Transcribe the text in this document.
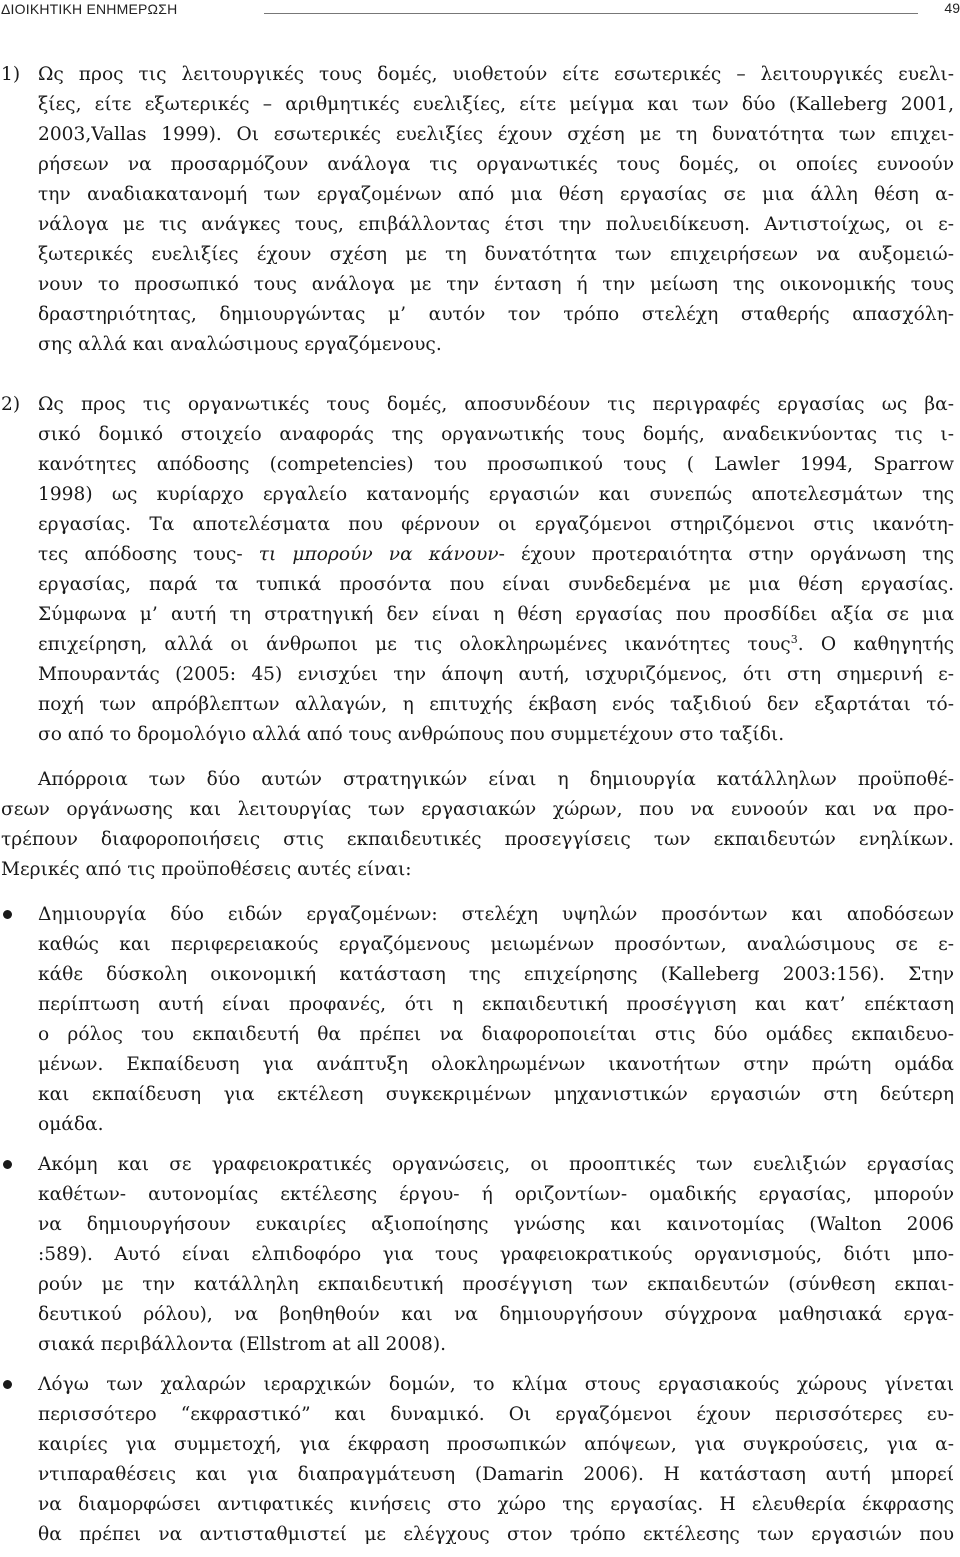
ΔΙΟΙΚΗΤΙΚΗ ΕΝΗΜΕΡΩΣΗ	49
1) Ως προς τις λειτουργικές τους δομές, υιοθετούν είτε εσωτερικές – λειτουργικές ευελι-
ξίες, είτε εξωτερικές – αριθμητικές ευελιξίες, είτε μείγμα και των δύο (Kalleberg 2001,
2003,Vallas 1999). Οι εσωτερικές ευελιξίες έχουν σχέση με τη δυνατότητα των επιχει-
ρήσεων να προσαρμόζουν ανάλογα τις οργανωτικές τους δομές, οι οποίες ευνοούν
την αναδιακατανομή των εργαζομένων από μια θέση εργασίας σε μια άλλη θέση α-
νάλογα με τις ανάγκες τους, επιβάλλοντας έτσι την πολυειδίκευση. Αντιστοίχως, οι ε-
ξωτερικές ευελιξίες έχουν σχέση με τη δυνατότητα των επιχειρήσεων να αυξομειώ-
νουν το προσωπικό τους ανάλογα με την ένταση ή την μείωση της οικονομικής τους
δραστηριότητας, δημιουργώντας μ’ αυτόν τον τρόπο στελέχη σταθερής απασχόλη-
σης αλλά και αναλώσιμους εργαζόμενους.
2) Ως προς τις οργανωτικές τους δομές, αποσυνδέουν τις περιγραφές εργασίας ως βα-
σικό δομικό στοιχείο αναφοράς της οργανωτικής τους δομής, αναδεικνύοντας τις ι-
κανότητες απόδοσης (competencies) του προσωπικού τους ( Lawler 1994, Sparrow
1998) ως κυρίαρχο εργαλείο κατανομής εργασιών και συνεπώς αποτελεσμάτων της
εργασίας. Τα αποτελέσματα που φέρνουν οι εργαζόμενοι στηριζόμενοι στις ικανότη-
τες απόδοσης τους- τι μπορούν να κάνουν- έχουν προτεραιότητα στην οργάνωση της
εργασίας, παρά τα τυπικά προσόντα που είναι συνδεδεμένα με μια θέση εργασίας.
Σύμφωνα μ’ αυτή τη στρατηγική δεν είναι η θέση εργασίας που προσδίδει αξία σε μια
επιχείρηση, αλλά οι άνθρωποι με τις ολοκληρωμένες ικανότητες τους$^3$. Ο καθηγητής
Μπουραντάς (2005: 45) ενισχύει την άποψη αυτή, ισχυριζόμενος, ότι στη σημερινή ε-
ποχή των απρόβλεπτων αλλαγών, η επιτυχής έκβαση ενός ταξιδιού δεν εξαρτάται τό-
σο από το δρομολόγιο αλλά από τους ανθρώπους που συμμετέχουν στο ταξίδι.
Απόρροια των δύο αυτών στρατηγικών είναι η δημιουργία κατάλληλων προϋποθέ-
σεων οργάνωσης και λειτουργίας των εργασιακών χώρων, που να ευνοούν και να προ-
τρέπουν διαφοροποιήσεις στις εκπαιδευτικές προσεγγίσεις των εκπαιδευτών ενηλίκων.
Μερικές από τις προϋποθέσεις αυτές είναι:
Δημιουργία δύο ειδών εργαζομένων: στελέχη υψηλών προσόντων και αποδόσεων
καθώς και περιφερειακούς εργαζόμενους μειωμένων προσόντων, αναλώσιμους σε ε-
κάθε δύσκολη οικονομική κατάσταση της επιχείρησης (Kalleberg 2003:156). Στην
περίπτωση αυτή είναι προφανές, ότι η εκπαιδευτική προσέγγιση και κατ’ επέκταση
ο ρόλος του εκπαιδευτή θα πρέπει να διαφοροποιείται στις δύο ομάδες εκπαιδευο-
μένων. Εκπαίδευση για ανάπτυξη ολοκληρωμένων ικανοτήτων στην πρώτη ομάδα
και εκπαίδευση για εκτέλεση συγκεκριμένων μηχανιστικών εργασιών στη δεύτερη
ομάδα.
Ακόμη και σε γραφειοκρατικές οργανώσεις, οι προοπτικές των ευελιξιών εργασίας
καθέτων- αυτονομίας εκτέλεσης έργου- ή οριζοντίων- ομαδικής εργασίας, μπορούν
να δημιουργήσουν ευκαιρίες αξιοποίησης γνώσης και καινοτομίας (Walton 2006
:589). Αυτό είναι ελπιδοφόρο για τους γραφειοκρατικούς οργανισμούς, διότι μπο-
ρούν με την κατάλληλη εκπαιδευτική προσέγγιση των εκπαιδευτών (σύνθεση εκπαι-
δευτικού ρόλου), να βοηθηθούν και να δημιουργήσουν σύγχρονα μαθησιακά εργα-
σιακά περιβάλλοντα (Ellstrom at all 2008).
Λόγω των χαλαρών ιεραρχικών δομών, το κλίμα στους εργασιακούς χώρους γίνεται
περισσότερο “εκφραστικό” και δυναμικό. Οι εργαζόμενοι έχουν περισσότερες ευ-
καιρίες για συμμετοχή, για έκφραση προσωπικών απόψεων, για συγκρούσεις, για α-
ντιπαραθέσεις και για διαπραγμάτευση (Damarin 2006). Η κατάσταση αυτή μπορεί
να διαμορφώσει αντιφατικές κινήσεις στο χώρο της εργασίας. Η ελευθερία έκφρασης
θα πρέπει να αντισταθμιστεί με ελέγχους στον τρόπο εκτέλεσης των εργασιών που
